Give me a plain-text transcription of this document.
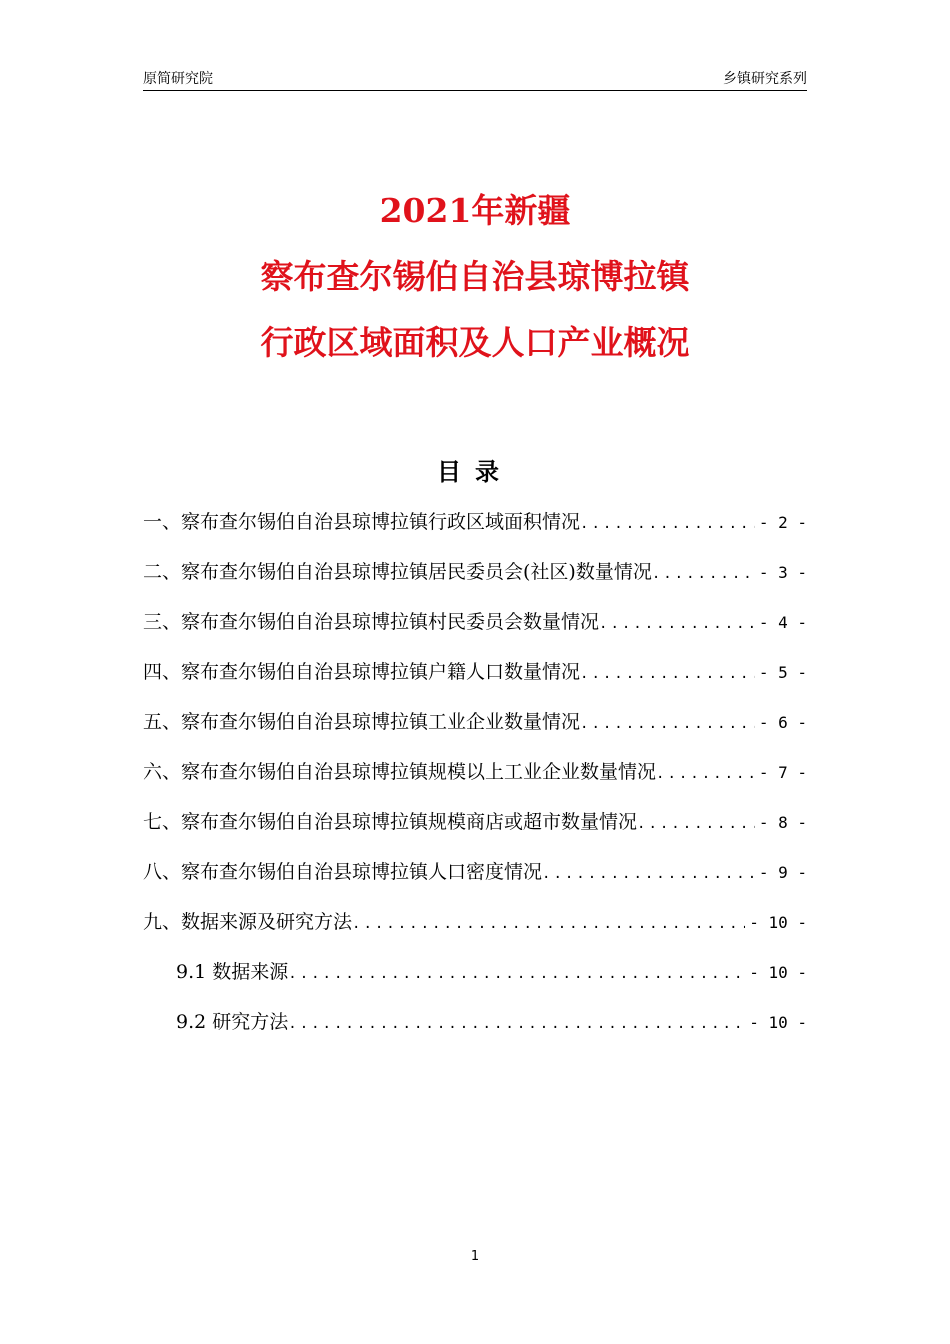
原简研究院	乡镇研究系列
2021年新疆
察布查尔锡伯自治县琼博拉镇
行政区域面积及人口产业概况
目录
一、察布查尔锡伯自治县琼博拉镇行政区域面积情况 .....	- 2 -
二、察布查尔锡伯自治县琼博拉镇居民委员会(社区)数量情况 .....	- 3 -
三、察布查尔锡伯自治县琼博拉镇村民委员会数量情况 .....	- 4 -
四、察布查尔锡伯自治县琼博拉镇户籍人口数量情况 .....	- 5 -
五、察布查尔锡伯自治县琼博拉镇工业企业数量情况 .....	- 6 -
六、察布查尔锡伯自治县琼博拉镇规模以上工业企业数量情况 .....	- 7 -
七、察布查尔锡伯自治县琼博拉镇规模商店或超市数量情况 .....	- 8 -
八、察布查尔锡伯自治县琼博拉镇人口密度情况 .....	- 9 -
九、数据来源及研究方法 .....	- 10 -
9.1 数据来源 .....	- 10 -
9.2 研究方法 .....	- 10 -
1
